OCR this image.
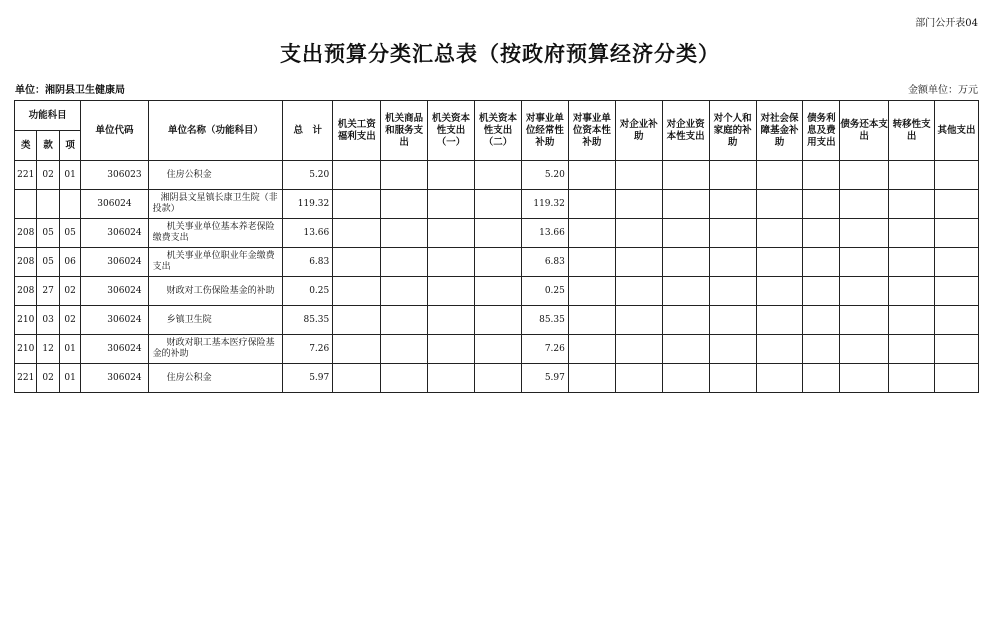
部门公开表04
支出预算分类汇总表（按政府预算经济分类）
单位：湘阴县卫生健康局	金额单位：万元
功能科目			单位代码	单位名称（功能科目）	总　计	机关工资福利支出	机关商品和服务支出	机关资本性支出（一）	机关资本性支出（二）	对事业单位经常性补助	对事业单位资本性补助	对企业补助	对企业资本性支出	对个人和家庭的补助	对社会保障基金补助	债务利息及费用支出	债务还本支出	转移性支出	其他支出
类	款	项																	
221	02	01	306023	住房公积金	5.20					5.20									
			306024	湘阴县文星镇长康卫生院（非投款）	119.32					119.32									
208	05	05	306024	机关事业单位基本养老保险缴费支出	13.66					13.66									
208	05	06	306024	机关事业单位职业年金缴费支出	6.83					6.83									
208	27	02	306024	财政对工伤保险基金的补助	0.25					0.25									
210	03	02	306024	乡镇卫生院	85.35					85.35									
210	12	01	306024	财政对职工基本医疗保险基金的补助	7.26					7.26									
221	02	01	306024	住房公积金	5.97					5.97									
